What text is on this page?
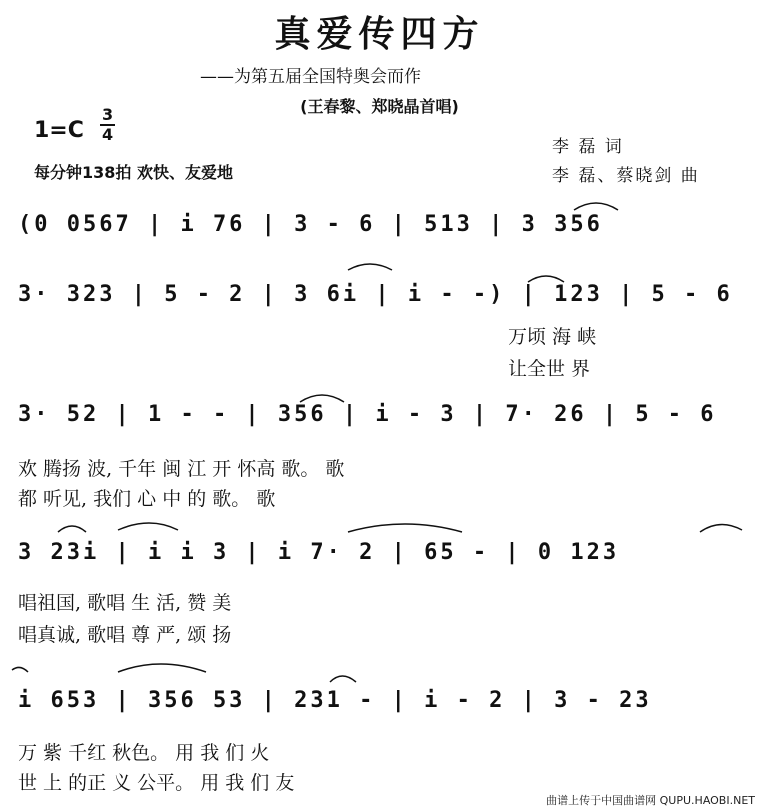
真爱传四方
——为第五届全国特奥会而作
(王春黎、郑晓晶首唱)
1=C
3
4
每分钟138拍 欢快、友爱地
李 磊 词
李 磊、蔡晓剑 曲
(0 0567 | i 76 | 3 - 6 | 513 | 3 356
3· 323 | 5 - 2 | 3 6i | i - -) | 123 | 5 - 6
万顷 海 峡
让全世 界
3· 52 | 1 - - | 356 | i - 3 | 7· 26 | 5 - 6
欢 腾扬 波, 千年 闽 江 开 怀高 歌。 歌
都 听见, 我们 心 中 的 歌。 歌
3 23i | i i 3 | i 7· 2 | 65 - | 0 123
唱祖国, 歌唱 生 活, 赞 美
唱真诚, 歌唱 尊 严, 颂 扬
i 653 | 356 53 | 231 - | i - 2 | 3 - 23
万 紫 千红 秋色。 用 我 们 火
世 上 的正 义 公平。 用 我 们 友
曲谱上传于中国曲谱网 QUPU.HAOBI.NET
